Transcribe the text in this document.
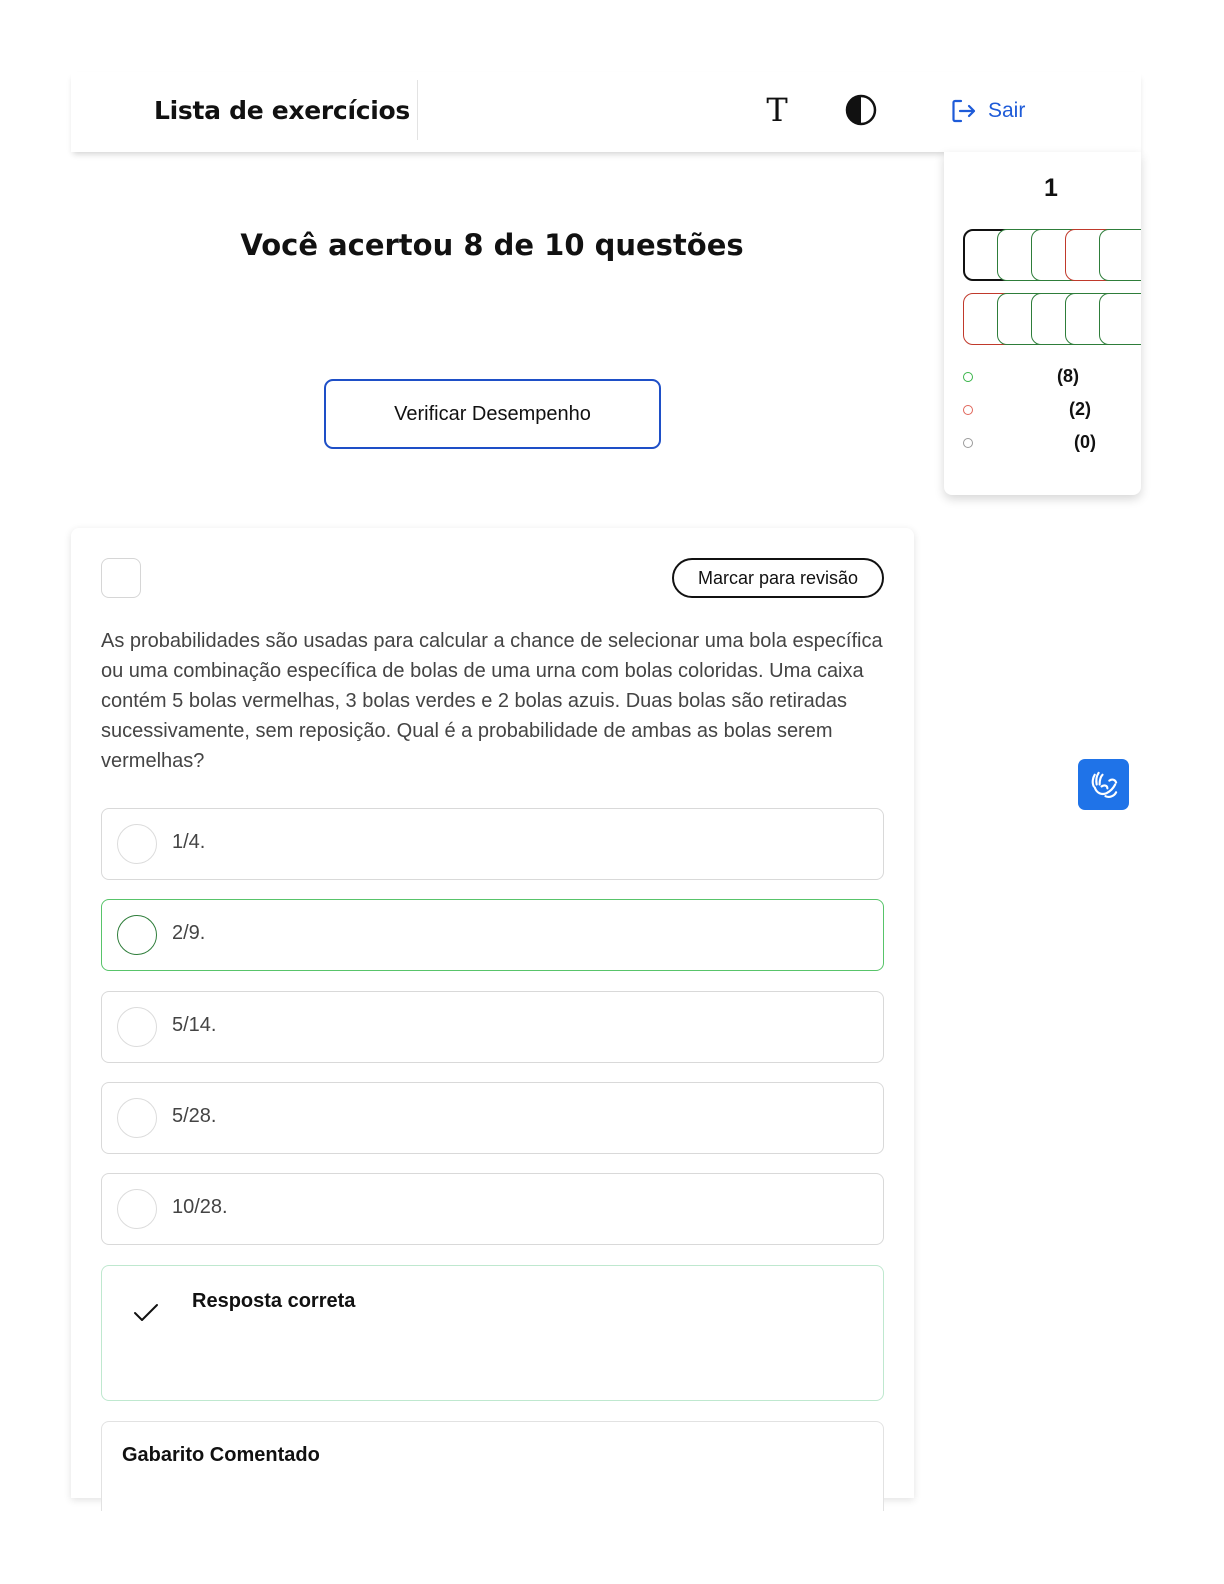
Lista de exercícios	T	Sair
Você acertou 8 de 10 questões
Verificar Desempenho
1
(8)
(2)
(0)
Marcar para revisão
As probabilidades são usadas para calcular a chance de selecionar uma bola específica ou uma combinação específica de bolas de uma urna com bolas coloridas. Uma caixa contém 5 bolas vermelhas, 3 bolas verdes e 2 bolas azuis. Duas bolas são retiradas sucessivamente, sem reposição. Qual é a probabilidade de ambas as bolas serem vermelhas?
1/4.
2/9.
5/14.
5/28.
10/28.
Resposta correta
Gabarito Comentado
